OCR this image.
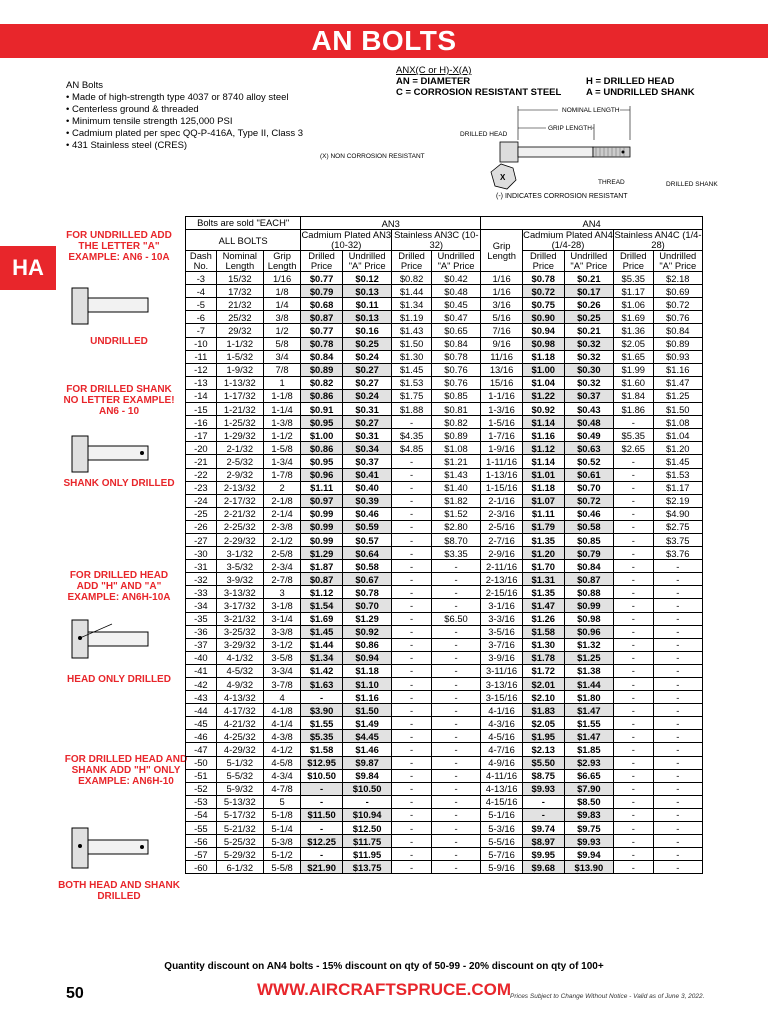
AN BOLTS
AN Bolts
• Made of high-strength type 4037 or 8740 alloy steel
• Centerless ground & threaded
• Minimum tensile strength 125,000 PSI
• Cadmium plated per spec QQ-P-416A, Type II, Class 3
• 431 Stainless steel (CRES)
ANX(C or H)-X(A)
AN = DIAMETER	H = DRILLED HEAD
C = CORROSION RESISTANT STEEL	A = UNDRILLED SHANK
NOMINAL LENGTH
GRIP LENGTH
DRILLED HEAD
(X) NON CORROSION RESISTANT
X
THREAD	DRILLED SHANK
(-) INDICATES CORROSION RESISTANT
HA
FOR UNDRILLED ADD THE LETTER "A" EXAMPLE: AN6 - 10A
UNDRILLED
FOR DRILLED SHANK NO LETTER EXAMPLE! AN6 - 10
SHANK ONLY DRILLED
FOR DRILLED HEAD ADD "H" AND "A" EXAMPLE: AN6H-10A
HEAD ONLY DRILLED
FOR DRILLED HEAD AND SHANK ADD "H" ONLY EXAMPLE: AN6H-10
BOTH HEAD AND SHANK DRILLED
Bolts are sold "EACH"			AN3				AN4				
			Cadmium Plated AN3 (10-32)		Stainless AN3C (10-32)		Grip Length	Cadmium Plated AN4 (1/4-28)		Stainless AN4C (1/4-28)	
ALL BOLTS											
Dash No.	Nominal Length	Grip Length	Drilled Price	Undrilled "A" Price	Drilled Price	Undrilled "A" Price		Drilled Price	Undrilled "A" Price	Drilled Price	Undrilled "A" Price
-3	15/32	1/16	$0.77	$0.12	$0.82	$0.42	1/16	$0.78	$0.21	$5.35	$2.18
-4	17/32	1/8	$0.79	$0.13	$1.44	$0.48	1/16	$0.72	$0.17	$1.17	$0.69
-5	21/32	1/4	$0.68	$0.11	$1.34	$0.45	3/16	$0.75	$0.26	$1.06	$0.72
-6	25/32	3/8	$0.87	$0.13	$1.19	$0.47	5/16	$0.90	$0.25	$1.69	$0.76
-7	29/32	1/2	$0.77	$0.16	$1.43	$0.65	7/16	$0.94	$0.21	$1.36	$0.84
-10	1-1/32	5/8	$0.78	$0.25	$1.50	$0.84	9/16	$0.98	$0.32	$2.05	$0.89
-11	1-5/32	3/4	$0.84	$0.24	$1.30	$0.78	11/16	$1.18	$0.32	$1.65	$0.93
-12	1-9/32	7/8	$0.89	$0.27	$1.45	$0.76	13/16	$1.00	$0.30	$1.99	$1.16
-13	1-13/32	1	$0.82	$0.27	$1.53	$0.76	15/16	$1.04	$0.32	$1.60	$1.47
-14	1-17/32	1-1/8	$0.86	$0.24	$1.75	$0.85	1-1/16	$1.22	$0.37	$1.84	$1.25
-15	1-21/32	1-1/4	$0.91	$0.31	$1.88	$0.81	1-3/16	$0.92	$0.43	$1.86	$1.50
-16	1-25/32	1-3/8	$0.95	$0.27	-	$0.82	1-5/16	$1.14	$0.48	-	$1.08
-17	1-29/32	1-1/2	$1.00	$0.31	$4.35	$0.89	1-7/16	$1.16	$0.49	$5.35	$1.04
-20	2-1/32	1-5/8	$0.86	$0.34	$4.85	$1.08	1-9/16	$1.12	$0.63	$2.65	$1.20
-21	2-5/32	1-3/4	$0.95	$0.37	-	$1.21	1-11/16	$1.14	$0.52	-	$1.45
-22	2-9/32	1-7/8	$0.96	$0.41	-	$1.43	1-13/16	$1.01	$0.61	-	$1.53
-23	2-13/32	2	$1.11	$0.40	-	$1.40	1-15/16	$1.18	$0.70	-	$1.17
-24	2-17/32	2-1/8	$0.97	$0.39	-	$1.82	2-1/16	$1.07	$0.72	-	$2.19
-25	2-21/32	2-1/4	$0.99	$0.46	-	$1.52	2-3/16	$1.11	$0.46	-	$4.90
-26	2-25/32	2-3/8	$0.99	$0.59	-	$2.80	2-5/16	$1.79	$0.58	-	$2.75
-27	2-29/32	2-1/2	$0.99	$0.57	-	$8.70	2-7/16	$1.35	$0.85	-	$3.75
-30	3-1/32	2-5/8	$1.29	$0.64	-	$3.35	2-9/16	$1.20	$0.79	-	$3.76
-31	3-5/32	2-3/4	$1.87	$0.58	-	-	2-11/16	$1.70	$0.84	-	-
-32	3-9/32	2-7/8	$0.87	$0.67	-	-	2-13/16	$1.31	$0.87	-	-
-33	3-13/32	3	$1.12	$0.78	-	-	2-15/16	$1.35	$0.88	-	-
-34	3-17/32	3-1/8	$1.54	$0.70	-	-	3-1/16	$1.47	$0.99	-	-
-35	3-21/32	3-1/4	$1.69	$1.29	-	$6.50	3-3/16	$1.26	$0.98	-	-
-36	3-25/32	3-3/8	$1.45	$0.92	-	-	3-5/16	$1.58	$0.96	-	-
-37	3-29/32	3-1/2	$1.44	$0.86	-	-	3-7/16	$1.30	$1.32	-	-
-40	4-1/32	3-5/8	$1.34	$0.94	-	-	3-9/16	$1.78	$1.25	-	-
-41	4-5/32	3-3/4	$1.42	$1.18	-	-	3-11/16	$1.72	$1.38	-	-
-42	4-9/32	3-7/8	$1.63	$1.10	-	-	3-13/16	$2.01	$1.44	-	-
-43	4-13/32	4	-	$1.16	-	-	3-15/16	$2.10	$1.80	-	-
-44	4-17/32	4-1/8	$3.90	$1.50	-	-	4-1/16	$1.83	$1.47	-	-
-45	4-21/32	4-1/4	$1.55	$1.49	-	-	4-3/16	$2.05	$1.55	-	-
-46	4-25/32	4-3/8	$5.35	$4.45	-	-	4-5/16	$1.95	$1.47	-	-
-47	4-29/32	4-1/2	$1.58	$1.46	-	-	4-7/16	$2.13	$1.85	-	-
-50	5-1/32	4-5/8	$12.95	$9.87	-	-	4-9/16	$5.50	$2.93	-	-
-51	5-5/32	4-3/4	$10.50	$9.84	-	-	4-11/16	$8.75	$6.65	-	-
-52	5-9/32	4-7/8	-	$10.50	-	-	4-13/16	$9.93	$7.90	-	-
-53	5-13/32	5	-	-	-	-	4-15/16	-	$8.50	-	-
-54	5-17/32	5-1/8	$11.50	$10.94	-	-	5-1/16	-	$9.83	-	-
-55	5-21/32	5-1/4	-	$12.50	-	-	5-3/16	$9.74	$9.75	-	-
-56	5-25/32	5-3/8	$12.25	$11.75	-	-	5-5/16	$8.97	$9.93	-	-
-57	5-29/32	5-1/2	-	$11.95	-	-	5-7/16	$9.95	$9.94	-	-
-60	6-1/32	5-5/8	$21.90	$13.75	-	-	5-9/16	$9.68	$13.90	-	-
Quantity discount on AN4 bolts - 15% discount on qty of 50-99 - 20% discount on qty of 100+
50	WWW.AIRCRAFTSPRUCE.COM
Prices Subject to Change Without Notice - Valid as of June 3, 2022.
